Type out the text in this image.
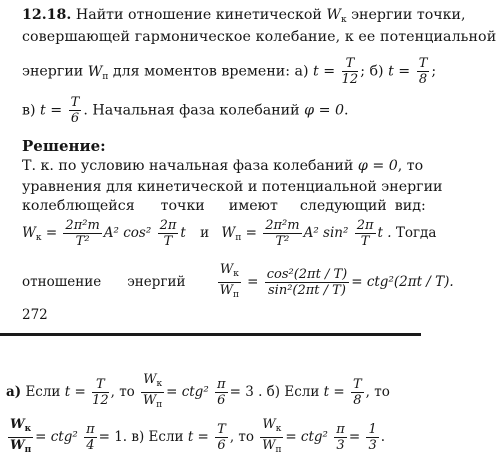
12.18. Найти отношение кинетической $W_к$ энергии точки,
совершающей гармоническое колебание, к ее потенциальной
энергии $W_п$ для моментов времени: а) $t = \frac{T}{12}$ ; б) $t = \frac{T}{8}$ ;
в) $t = \frac{T}{6}$ . Начальная фаза колебаний φ = 0.
Решение:
Т. к. по условию начальная фаза колебаний φ = 0, то
уравнения для кинетической и потенциальной энергии
колеблющейся точки имеют следующий вид:
$W_к = \frac{\text{2π²m}}{\text{T²}} A^2$ $\cos^2 \frac{2\pi}{T}$ t и $W_п = \frac{\text{2π²m}}{\text{T²}} A^2$ $\sin^2 \frac{2\pi}{T}$ t . Тогда
отношение энергий $\frac{W_к}{W_п} = \frac{\text{cos²(2πt / T)}}{\text{sin²(2πt / T)}} = ctg^2(2\pi t / T)$.
272
а) Если $t = \frac{T}{12}$ , то $\frac{W_к}{W_п} = ctg^2 \frac{\pi}{6} = 3$ . б) Если $t = \frac{T}{8}$ , то
$\frac{W_к}{W_п} = ctg^2 \frac{\pi}{4} = 1$. в) Если $t = \frac{T}{6}$ , то $\frac{W_к}{W_п} = ctg^2 \frac{\pi}{3} = \frac{1}{3}$ .
